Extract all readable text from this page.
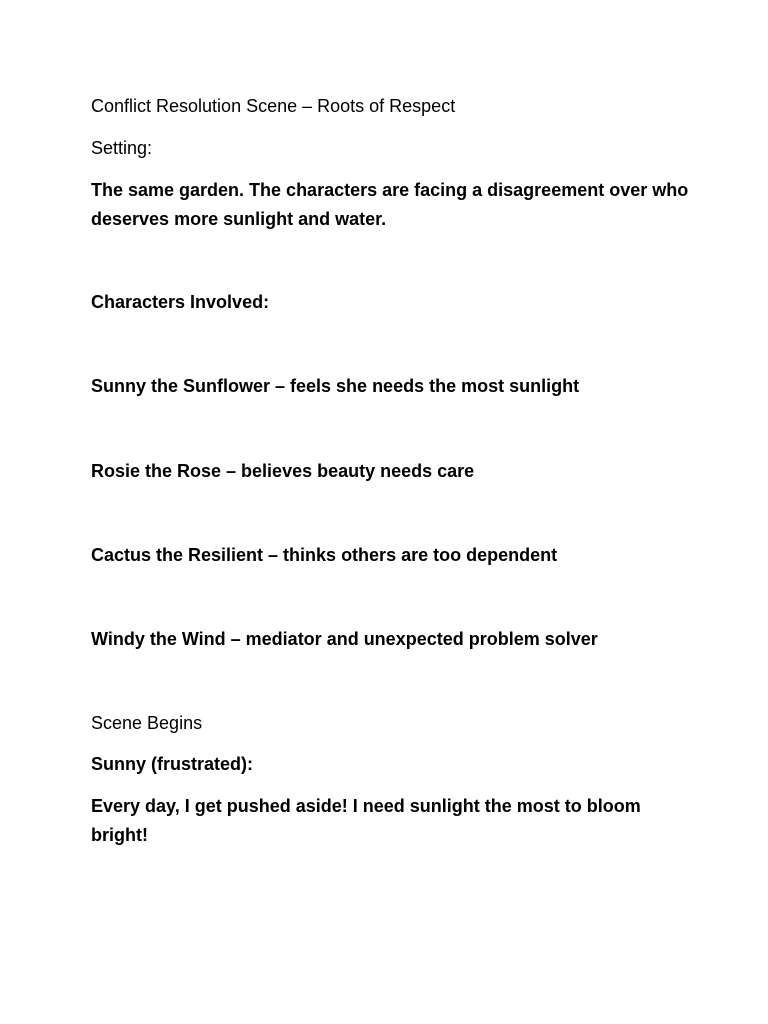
Conflict Resolution Scene – Roots of Respect
Setting:
The same garden. The characters are facing a disagreement over who deserves more sunlight and water.
Characters Involved:
Sunny the Sunflower – feels she needs the most sunlight
Rosie the Rose – believes beauty needs care
Cactus the Resilient – thinks others are too dependent
Windy the Wind – mediator and unexpected problem solver
Scene Begins
Sunny (frustrated):
Every day, I get pushed aside! I need sunlight the most to bloom bright!
